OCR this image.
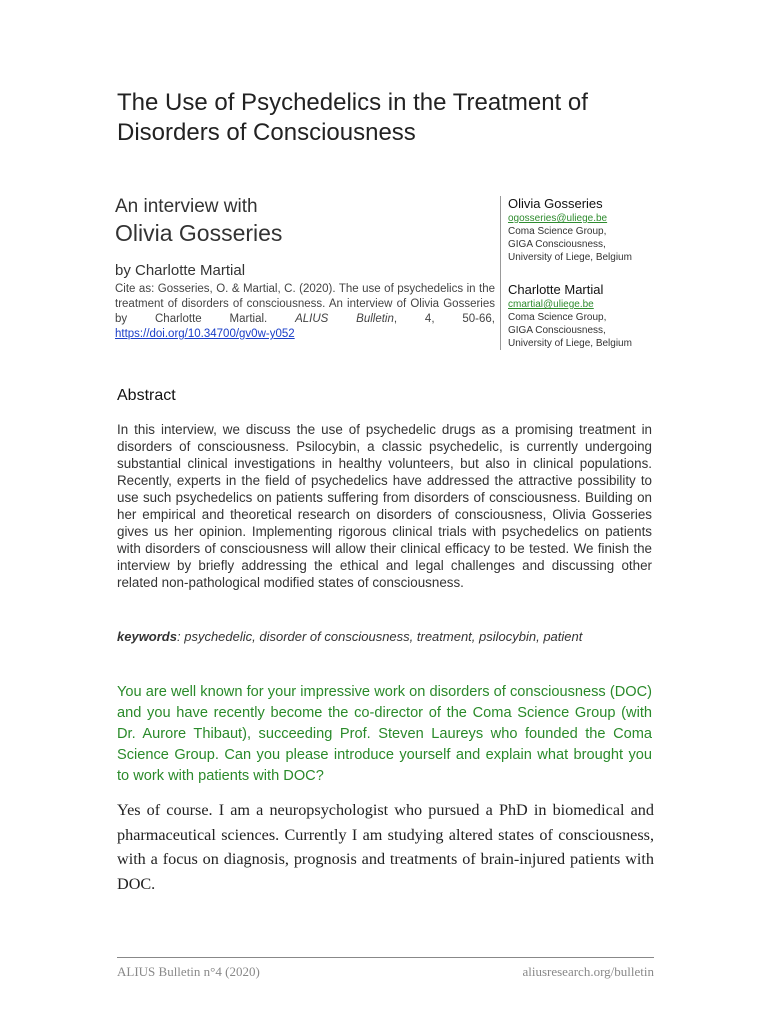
The Use of Psychedelics in the Treatment of Disorders of Consciousness
An interview with
Olivia Gosseries
by Charlotte Martial
Cite as: Gosseries, O. & Martial, C. (2020). The use of psychedelics in the treatment of disorders of consciousness. An interview of Olivia Gosseries by Charlotte Martial. ALIUS Bulletin, 4, 50-66, https://doi.org/10.34700/gv0w-y052
Olivia Gosseries
ogosseries@uliege.be
Coma Science Group,
GIGA Consciousness,
University of Liege, Belgium
Charlotte Martial
cmartial@uliege.be
Coma Science Group,
GIGA Consciousness,
University of Liege, Belgium
Abstract
In this interview, we discuss the use of psychedelic drugs as a promising treatment in disorders of consciousness. Psilocybin, a classic psychedelic, is currently undergoing substantial clinical investigations in healthy volunteers, but also in clinical populations. Recently, experts in the field of psychedelics have addressed the attractive possibility to use such psychedelics on patients suffering from disorders of consciousness. Building on her empirical and theoretical research on disorders of consciousness, Olivia Gosseries gives us her opinion. Implementing rigorous clinical trials with psychedelics on patients with disorders of consciousness will allow their clinical efficacy to be tested. We finish the interview by briefly addressing the ethical and legal challenges and discussing other related non-pathological modified states of consciousness.
keywords: psychedelic, disorder of consciousness, treatment, psilocybin, patient
You are well known for your impressive work on disorders of consciousness (DOC) and you have recently become the co-director of the Coma Science Group (with Dr. Aurore Thibaut), succeeding Prof. Steven Laureys who founded the Coma Science Group. Can you please introduce yourself and explain what brought you to work with patients with DOC?
Yes of course. I am a neuropsychologist who pursued a PhD in biomedical and pharmaceutical sciences. Currently I am studying altered states of consciousness, with a focus on diagnosis, prognosis and treatments of brain-injured patients with DOC.
ALIUS Bulletin n°4 (2020)	aliusresearch.org/bulletin
